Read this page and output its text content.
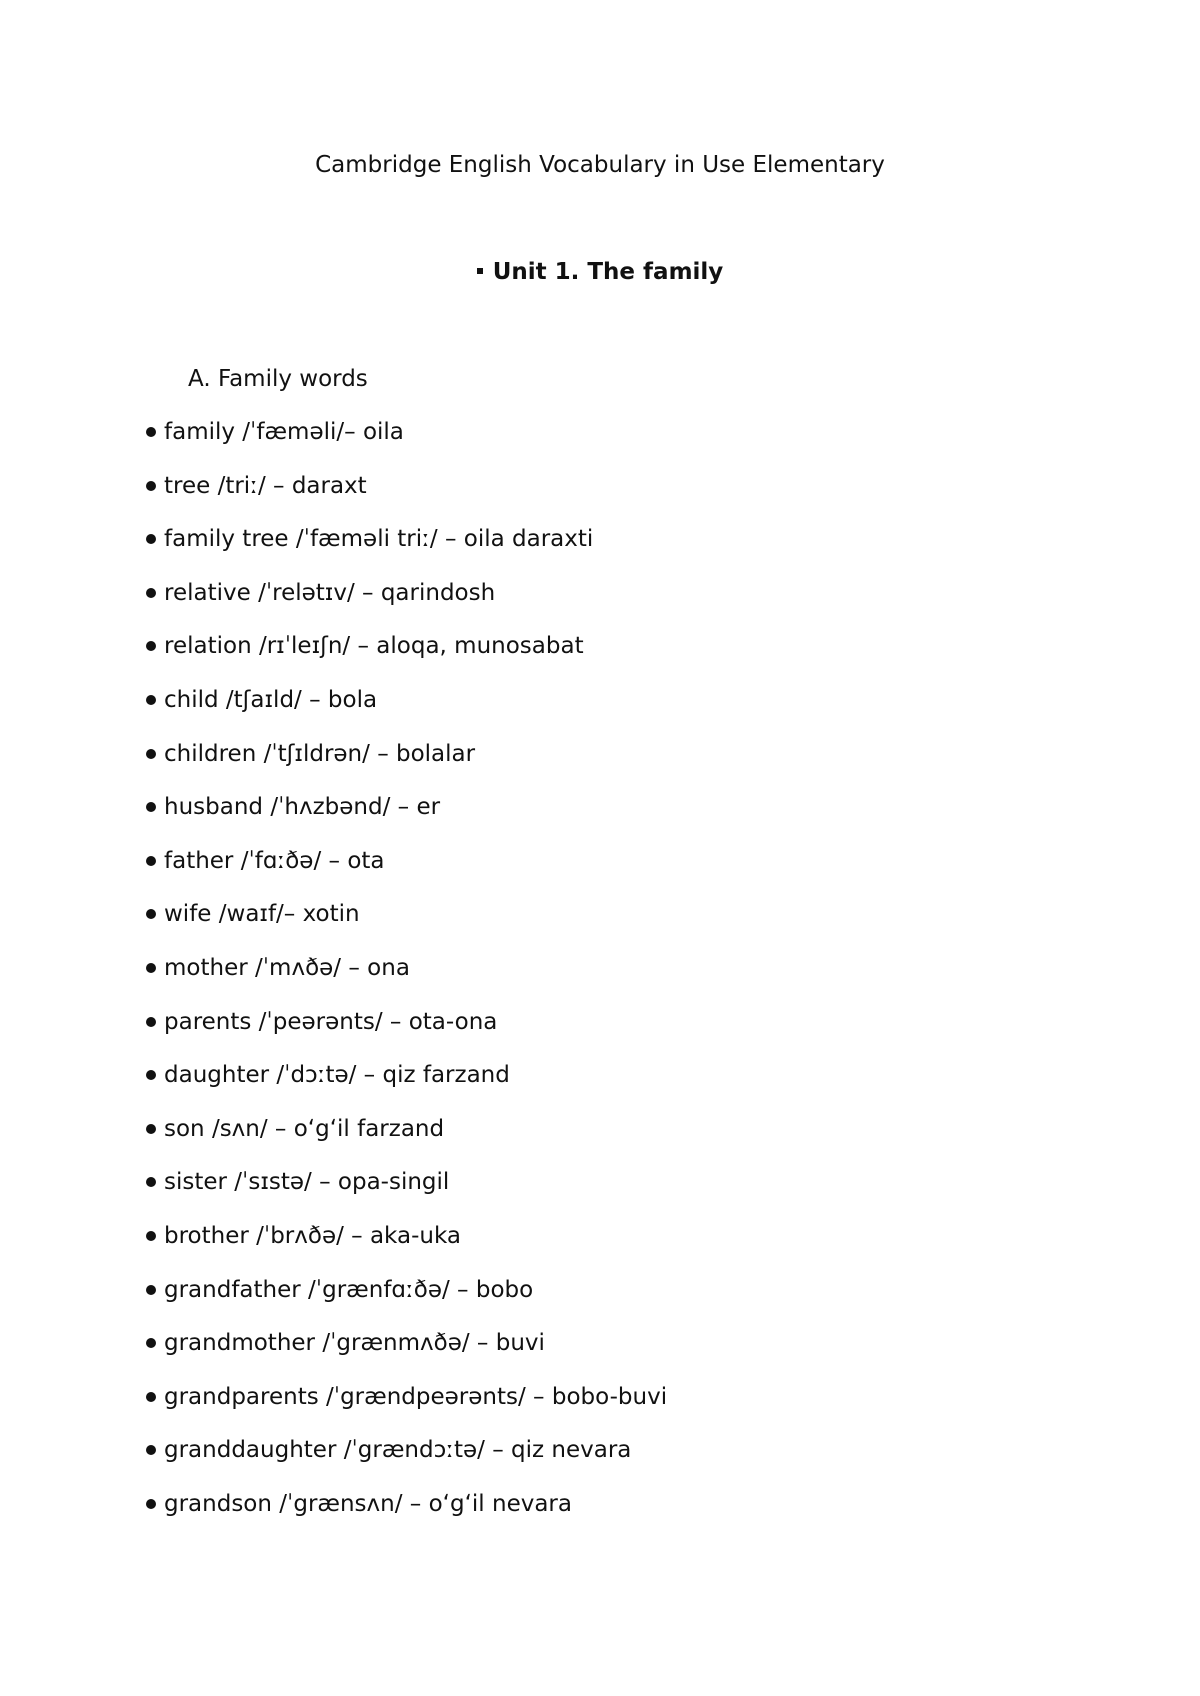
Cambridge English Vocabulary in Use Elementary
Unit 1. The family
A. Family words
family /ˈfæməli/– oila
tree /triː/ – daraxt
family tree /ˈfæməli triː/ – oila daraxti
relative /ˈrelətɪv/ – qarindosh
relation /rɪˈleɪʃn/ – aloqa, munosabat
child /tʃaɪld/ – bola
children /ˈtʃɪldrən/ – bolalar
husband /ˈhʌzbənd/ – er
father /ˈfɑːðə/ – ota
wife /waɪf/– xotin
mother /ˈmʌðə/ – ona
parents /ˈpeərənts/ – ota-ona
daughter /ˈdɔːtə/ – qiz farzand
son /sʌn/ – oʻgʻil farzand
sister /ˈsɪstə/ – opa-singil
brother /ˈbrʌðə/ – aka-uka
grandfather /ˈgrænfɑːðə/ – bobo
grandmother /ˈgrænmʌðə/ – buvi
grandparents /ˈgrændpeərənts/ – bobo-buvi
granddaughter /ˈgrændɔːtə/ – qiz nevara
grandson /ˈgrænsʌn/ – oʻgʻil nevara
